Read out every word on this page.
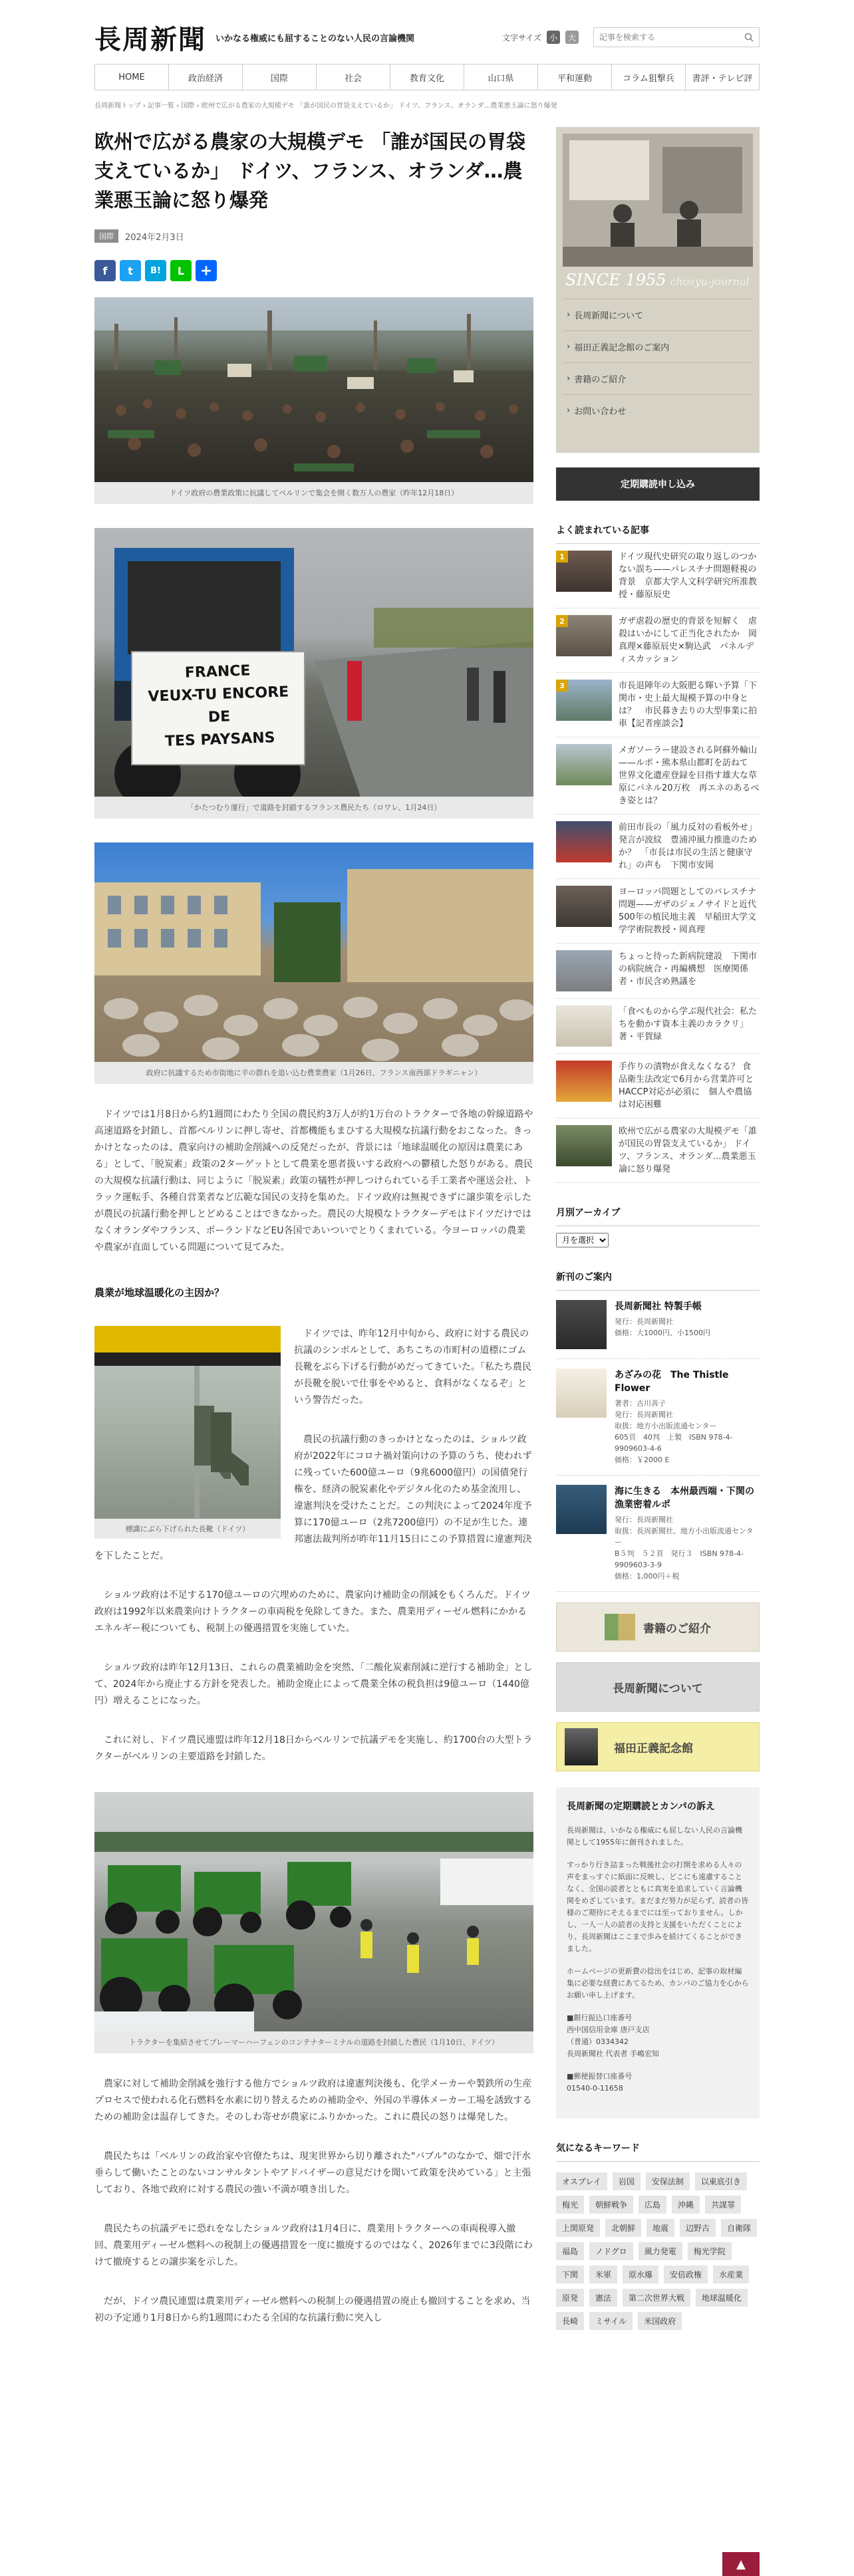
長周新聞 いかなる権威にも屈することのない人民の言論機関	文字サイズ 小	大
記事を検索する
HOME	政治経済	国際	社会	教育文化	山口県	平和運動	コラム狙撃兵	書評・テレビ評
長周新聞トップ › 記事一覧 › 国際 › 欧州で広がる農家の大規模デモ 「誰が国民の胃袋支えているか」 ドイツ、フランス、オランダ…農業悪玉論に怒り爆発
欧州で広がる農家の大規模デモ 「誰が国民の胃袋支えているか」 ドイツ、フランス、オランダ…農業悪玉論に怒り爆発
国際	2024年2月3日
f	t	B!	L	+
ドイツ政府の農業政策に抗議してベルリンで集会を開く数万人の農家（昨年12月18日）
FRANCE
VEUX-TU ENCORE DE
TES PAYSANS
「かたつむり運行」で道路を封鎖するフランス農民たち（ロワレ、1月24日）
政府に抗議するため市街地に羊の群れを追い込む農業農家（1月26日、フランス南西部ドラギニャン）

ドイツでは1月8日から約1週間にわたり全国の農民約3万人が約1万台のトラクターで各地の幹線道路や高速道路を封鎖し、首都ベルリンに押し寄せ、首都機能もまひする大規模な抗議行動をおこなった。きっかけとなったのは、農家向けの補助金削減への反発だったが、背景には「地球温暖化の原因は農業にある」として、「脱炭素」政策の2ターゲットとして農業を悪者扱いする政府への鬱積した怒りがある。農民の大規模な抗議行動は、同じように「脱炭素」政策の犠牲が押しつけられている手工業者や運送会社、トラック運転手、各種自営業者など広範な国民の支持を集めた。ドイツ政府は無視できずに譲歩策を示したが農民の抗議行動を押しとどめることはできなかった。農民の大規模なトラクターデモはドイツだけではなくオランダやフランス、ポーランドなどEU各国であいついでとりくまれている。今ヨーロッパの農業や農家が直面している問題について見てみた。

農業が地球温暖化の主因か？
標識にぶら下げられた長靴（ドイツ）

ドイツでは、昨年12月中旬から、政府に対する農民の抗議のシンボルとして、あちこちの市町村の道標にゴム長靴をぶら下げる行動がめだってきていた。「私たち農民が長靴を脱いで仕事をやめると、食料がなくなるぞ」という警告だった。

農民の抗議行動のきっかけとなったのは、ショルツ政府が2022年にコロナ禍対策向けの予算のうち、使われずに残っていた600億ユーロ（9兆6000億円）の国債発行権を、経済の脱炭素化やデジタル化のため基金流用し、違憲判決を受けたことだ。この判決によって2024年度予算に170億ユーロ（2兆7200億円）の不足が生じた。連邦憲法裁判所が昨年11月15日にこの予算措置に違憲判決を下したことだ。

ショルツ政府は不足する170億ユーロの穴埋めのために、農家向け補助金の削減をもくろんだ。ドイツ政府は1992年以来農業向けトラクターの車両税を免除してきた。また、農業用ディーゼル燃料にかかるエネルギー税についても、税制上の優遇措置を実施していた。

ショルツ政府は昨年12月13日、これらの農業補助金を突然、「二酸化炭素削減に逆行する補助金」として、2024年から廃止する方針を発表した。補助金廃止によって農業全体の税負担は9億ユーロ（1440億円）増えることになった。

これに対し、ドイツ農民連盟は昨年12月18日からベルリンで抗議デモを実施し、約1700台の大型トラクターがベルリンの主要道路を封鎖した。

トラクターを集結させてブレーマーハーフェンのコンテナターミナルの道路を封鎖した農民（1月10日、ドイツ）

農家に対して補助金削減を強行する他方でショルツ政府は違憲判決後も、化学メーカーや製鉄所の生産プロセスで使われる化石燃料を水素に切り替えるための補助金や、外国の半導体メーカー工場を誘致するための補助金は温存してきた。そのしわ寄せが農家にふりかかった。これに農民の怒りは爆発した。

農民たちは「ベルリンの政治家や官僚たちは、現実世界から切り離された"バブル"のなかで、畑で汗水垂らして働いたことのないコンサルタントやアドバイザーの意見だけを聞いて政策を決めている」と主張しており、各地で政府に対する農民の強い不満が噴き出した。

農民たちの抗議デモに恐れをなしたショルツ政府は1月4日に、農業用トラクターへの車両税導入撤回、農業用ディーゼル燃料への税制上の優遇措置を一度に撤廃するのではなく、2026年までに3段階にわけて撤廃するとの譲歩案を示した。

だが、ドイツ農民連盟は農業用ディーゼル燃料への税制上の優遇措置の廃止も撤回することを求め、当初の予定通り1月8日から約1週間にわたる全国的な抗議行動に突入し

SINCE 1955 chosyu-journal
› 長周新聞について
› 福田正義記念館のご案内
› 書籍のご紹介
› お問い合わせ
定期購読申し込み
よく読まれている記事
1	ドイツ現代史研究の取り返しのつかない誤ち——パレスチナ問題軽視の背景　京都大学人文科学研究所准教授・藤原辰史
2	ガザ虐殺の歴史的背景を短解く　虐殺はいかにして正当化されたか　岡真理×藤原辰史×駒込武　パネルディスカッション
3	市長退陣年の大阪肥る輝い予算「下関市・史上最大規模予算の中身とは？　市民暮き去りの大型事業に拍車【記者座談会】
メガソーラー建設される阿蘇外輪山——ルポ・熊本県山都町を訪ねて　世界文化遺産登録を目指す雄大な草原にパネル20万枚　再エネのあるべき姿とは？
前田市長の「風力反対の看板外せ」発言が波紋　豊浦沖風力推進のためか？　「市長は市民の生活と健康守れ」の声も　下関市安岡
ヨーロッパ問題としてのパレスチナ問題——ガザのジェノサイドと近代500年の植民地主義　早稲田大学文学学術院教授・岡真理
ちょっと待った新病院建設　下関市の病院統合・再編構想　医療関係者・市民含め熟議を
「食べものから学ぶ現代社会：私たちを動かす資本主義のカラクリ」　著・平賀緑
手作りの漬物が食えなくなる？ 食品衛生法改定で6月から営業許可とHACCP対応が必須に　個人や農協は対応困難
欧州で広がる農家の大規模デモ「誰が国民の胃袋支えているか」 ドイツ、フランス、オランダ…農業悪玉論に怒り爆発
月別アーカイブ
月を選択
新刊のご案内
長周新聞社 特製手帳
発行：長周新聞社
価格：大1000円、小1500円
あざみの花　The Thistle Flower
著者：古川善子
発行：長周新聞社
取扱：地方小出版流通センター
605頁　40判　上製　ISBN 978-4-9909603-4-6
価格：￥2000 E
海に生きる　本州最西端・下関の漁業密着ルポ
発行：長周新聞社
取扱：長周新聞社、地方小出版流通センター
B５判　５２頁　発行３　ISBN 978-4-9909603-3-9
価格：1,000円＋税
書籍のご紹介
長周新聞について
福田正義記念館
長周新聞の定期購読とカンパの訴え

長周新聞は、いかなる権威にも屈しない人民の言論機関として1955年に創刊されました。

すっかり行き詰まった戦後社会の打開を求める人々の声をまっすぐに紙面に反映し、どこにも遠慮することなく、全国の読者とともに真実を追求していく言論機関をめざしています。まだまだ努力が足らず、読者の皆様のご期待にそえるまでには至っておりません。しかし、一人一人の読者の支持と支援をいただくことにより、長周新聞はここまで歩みを続けてくることができました。

ホームページの更新費の捻出をはじめ、記事の取材編集に必要な経費にあてるため、カンパのご協力を心からお願い申し上げます。

■銀行振込口座番号
西中国信用金庫 唐戸支店
（普通）0334342
長周新聞社 代表者 手嶋宏知

■郵便振替口座番号
01540-0-11658

気になるキーワード
オスプレイ	岩国	安保法制	以東底引き
梅光	朝鮮戦争	広島	沖縄	共謀罪
上関原発	北朝鮮	地震	辺野古	自衛隊
福島	ノドグロ	風力発電	梅光学院
下関	米軍	原水爆	安倍政権	水産業
原発	憲法	第二次世界大戦	地球温暖化
長崎	ミサイル	米国政府
▲
